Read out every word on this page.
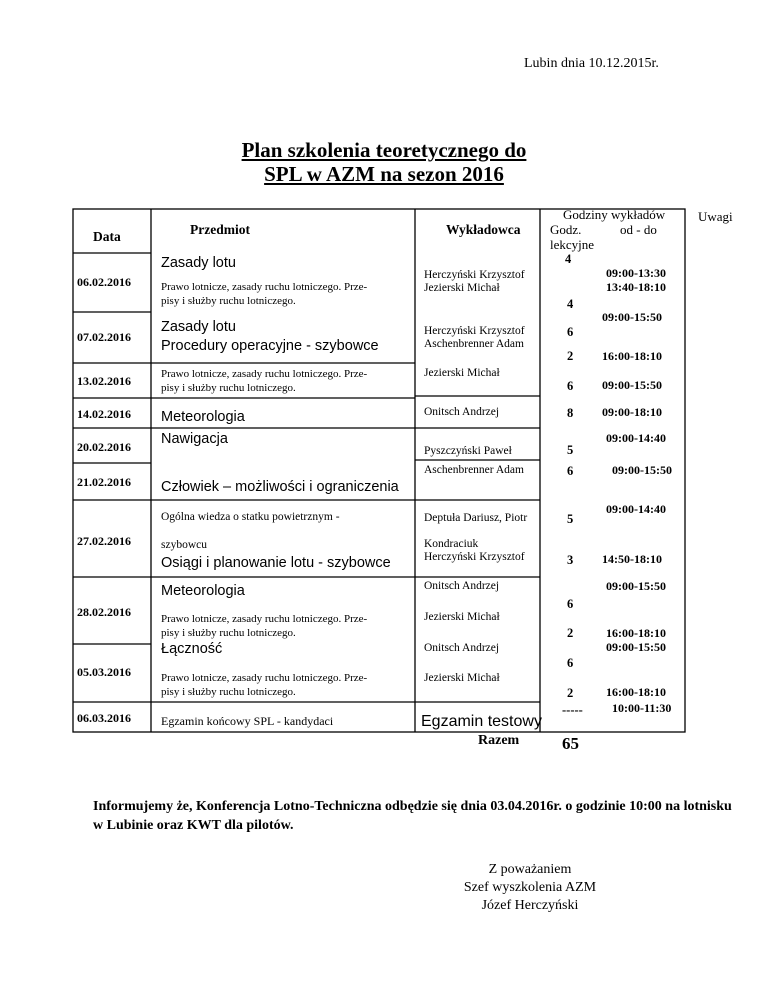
Lubin dnia 10.12.2015r.
Plan szkolenia teoretycznego do
SPL w AZM na sezon 2016
Przedmiot
Data	Wykładowca
Godziny wykładów
Godz.	od - do
lekcyjne
Uwagi
06.02.2016
07.02.2016
13.02.2016
14.02.2016
20.02.2016
21.02.2016
27.02.2016
28.02.2016
05.03.2016
06.03.2016
Zasady lotu
Prawo lotnicze, zasady ruchu lotniczego. Prze-
pisy i służby ruchu lotniczego.
Zasady lotu
Procedury operacyjne - szybowce
Prawo lotnicze, zasady ruchu lotniczego. Prze-
pisy i służby ruchu lotniczego.
Meteorologia
Nawigacja
Człowiek – możliwości i ograniczenia
Ogólna wiedza o statku powietrznym -
szybowcu
Osiągi i planowanie lotu - szybowce
Meteorologia
Prawo lotnicze, zasady ruchu lotniczego. Prze-
pisy i służby ruchu lotniczego.
Łączność
Prawo lotnicze, zasady ruchu lotniczego. Prze-
pisy i służby ruchu lotniczego.
Egzamin końcowy SPL - kandydaci
Herczyński Krzysztof
Jezierski Michał
Herczyński Krzysztof
Aschenbrenner Adam
Jezierski Michał
Onitsch Andrzej
Pyszczyński Paweł
Aschenbrenner Adam
Deptuła Dariusz, Piotr
Kondraciuk
Herczyński Krzysztof
Onitsch Andrzej
Jezierski Michał
Onitsch Andrzej
Jezierski Michał
Egzamin testowy
Razem
4
4
6
2
6
8
5
6
5
3
6
2
6
2
-----
65
09:00-13:30
13:40-18:10
09:00-15:50
16:00-18:10
09:00-15:50
09:00-18:10
09:00-14:40
09:00-15:50
09:00-14:40
14:50-18:10
09:00-15:50
16:00-18:10
09:00-15:50
16:00-18:10
10:00-11:30
Informujemy że, Konferencja Lotno-Techniczna odbędzie się dnia 03.04.2016r. o godzinie 10:00 na lotnisku w Lubinie oraz KWT dla pilotów.
Z poważaniem
Szef wyszkolenia AZM
Józef Herczyński
